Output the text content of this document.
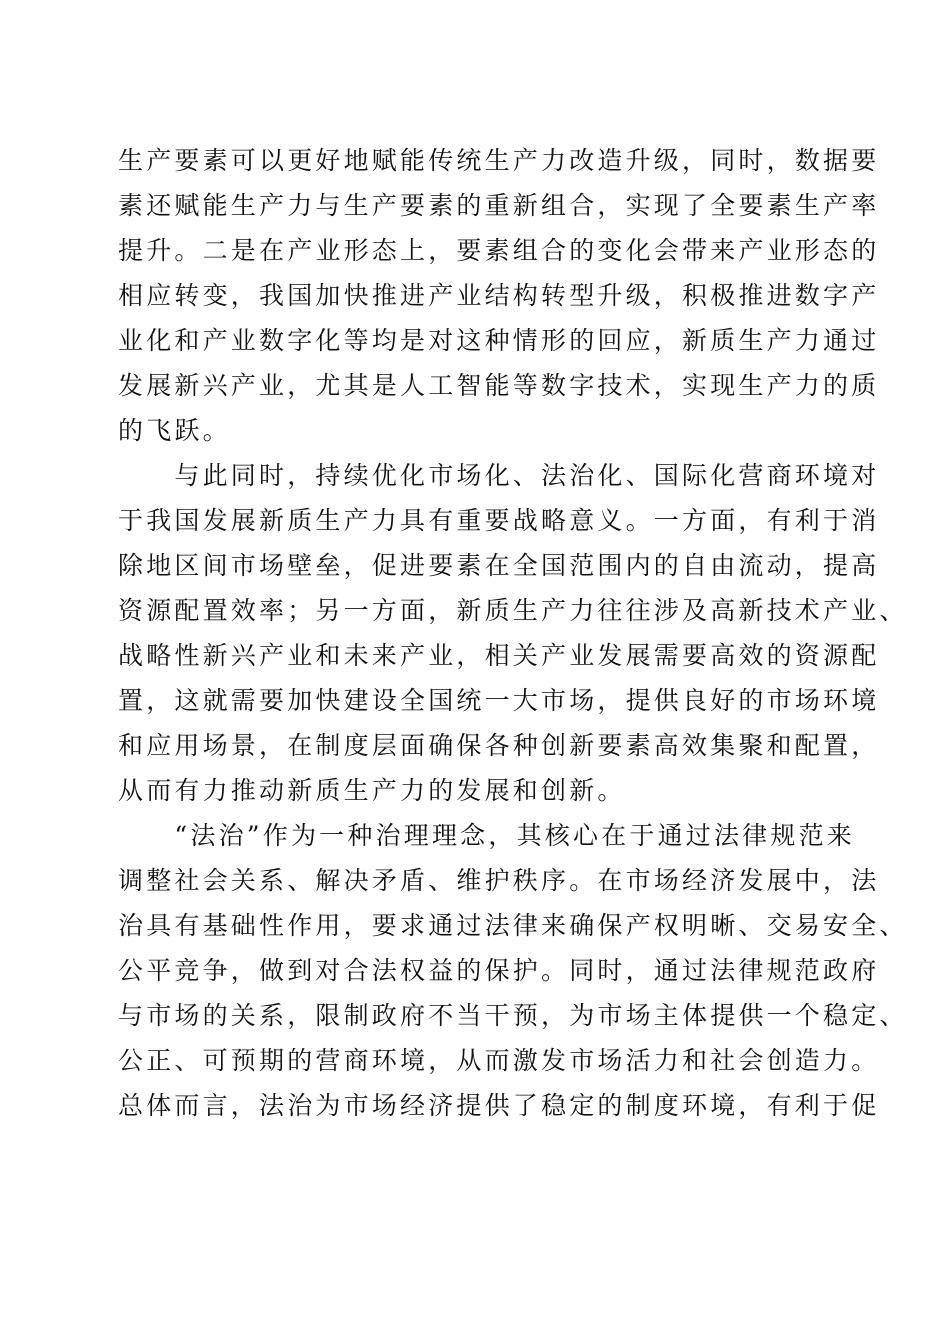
生产要素可以更好地赋能传统生产力改造升级，同时，数据要
素还赋能生产力与生产要素的重新组合，实现了全要素生产率
提升。二是在产业形态上，要素组合的变化会带来产业形态的
相应转变，我国加快推进产业结构转型升级，积极推进数字产
业化和产业数字化等均是对这种情形的回应，新质生产力通过
发展新兴产业，尤其是人工智能等数字技术，实现生产力的质
的飞跃。
　　与此同时，持续优化市场化、法治化、国际化营商环境对
于我国发展新质生产力具有重要战略意义。一方面，有利于消
除地区间市场壁垒，促进要素在全国范围内的自由流动，提高
资源配置效率；另一方面，新质生产力往往涉及高新技术产业、
战略性新兴产业和未来产业，相关产业发展需要高效的资源配
置，这就需要加快建设全国统一大市场，提供良好的市场环境
和应用场景，在制度层面确保各种创新要素高效集聚和配置，
从而有力推动新质生产力的发展和创新。
　　“法治”作为一种治理理念，其核心在于通过法律规范来
调整社会关系、解决矛盾、维护秩序。在市场经济发展中，法
治具有基础性作用，要求通过法律来确保产权明晰、交易安全、
公平竞争，做到对合法权益的保护。同时，通过法律规范政府
与市场的关系，限制政府不当干预，为市场主体提供一个稳定、
公正、可预期的营商环境，从而激发市场活力和社会创造力。
总体而言，法治为市场经济提供了稳定的制度环境，有利于促
